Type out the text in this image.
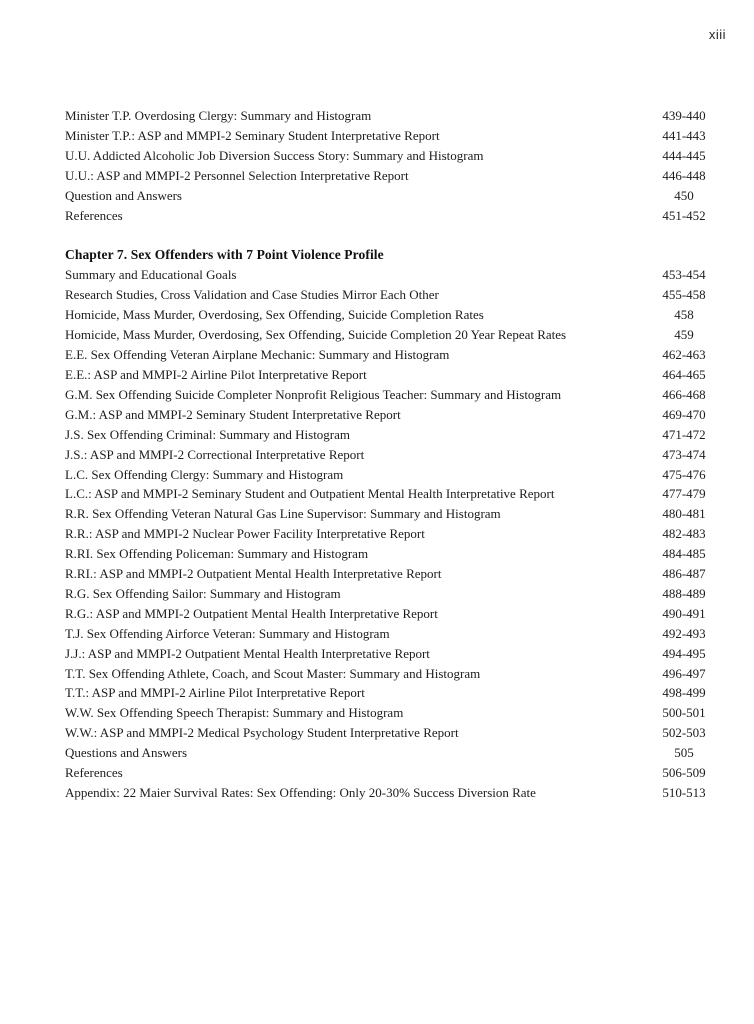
xiii
Minister T.P. Overdosing Clergy: Summary and Histogram	439-440
Minister T.P.: ASP and MMPI-2 Seminary Student Interpretative Report	441-443
U.U. Addicted Alcoholic Job Diversion Success Story: Summary and Histogram	444-445
U.U.: ASP and MMPI-2 Personnel Selection Interpretative Report	446-448
Question and Answers	450
References	451-452
Chapter 7. Sex Offenders with 7 Point Violence Profile
Summary and Educational Goals	453-454
Research Studies, Cross Validation and Case Studies Mirror Each Other	455-458
Homicide, Mass Murder, Overdosing, Sex Offending, Suicide Completion Rates	458
Homicide, Mass Murder, Overdosing, Sex Offending, Suicide Completion 20 Year Repeat Rates	459
E.E. Sex Offending Veteran Airplane Mechanic: Summary and Histogram	462-463
E.E.: ASP and MMPI-2 Airline Pilot Interpretative Report	464-465
G.M. Sex Offending Suicide Completer Nonprofit Religious Teacher: Summary and Histogram	466-468
G.M.: ASP and MMPI-2 Seminary Student Interpretative Report	469-470
J.S. Sex Offending Criminal: Summary and Histogram	471-472
J.S.: ASP and MMPI-2 Correctional Interpretative Report	473-474
L.C. Sex Offending Clergy: Summary and Histogram	475-476
L.C.: ASP and MMPI-2 Seminary Student and Outpatient Mental Health Interpretative Report	477-479
R.R. Sex Offending Veteran Natural Gas Line Supervisor: Summary and Histogram	480-481
R.R.: ASP and MMPI-2 Nuclear Power Facility Interpretative Report	482-483
R.RI. Sex Offending Policeman: Summary and Histogram	484-485
R.RI.: ASP and MMPI-2 Outpatient Mental Health Interpretative Report	486-487
R.G. Sex Offending Sailor: Summary and Histogram	488-489
R.G.: ASP and MMPI-2 Outpatient Mental Health Interpretative Report	490-491
T.J. Sex Offending Airforce Veteran: Summary and Histogram	492-493
J.J.: ASP and MMPI-2 Outpatient Mental Health Interpretative Report	494-495
T.T. Sex Offending Athlete, Coach, and Scout Master: Summary and Histogram	496-497
T.T.: ASP and MMPI-2 Airline Pilot Interpretative Report	498-499
W.W. Sex Offending Speech Therapist: Summary and Histogram	500-501
W.W.: ASP and MMPI-2 Medical Psychology Student Interpretative Report	502-503
Questions and Answers	505
References	506-509
Appendix: 22 Maier Survival Rates: Sex Offending: Only 20-30% Success Diversion Rate	510-513
